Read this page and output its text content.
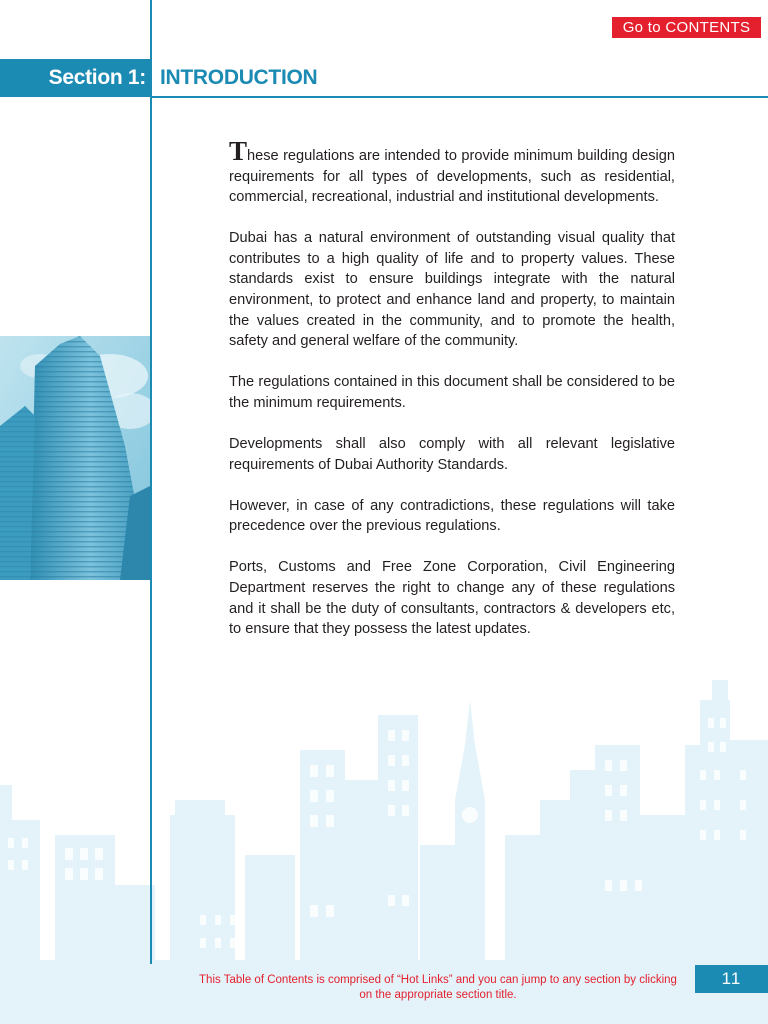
Go to CONTENTS
Section 1: INTRODUCTION

These regulations are intended to provide minimum building design requirements for all types of developments, such as residential, commercial, recreational, industrial and institutional developments.

Dubai has a natural environment of outstanding visual quality that contributes to a high quality of life and to property values. These standards exist to ensure buildings integrate with the natural environment, to protect and enhance land and property, to maintain the values created in the community, and to promote the health, safety and general welfare of the community.

The regulations contained in this document shall be considered to be the minimum requirements.

Developments shall also comply with all relevant legislative requirements of Dubai Authority Standards.

However, in case of any contradictions, these regulations will take precedence over the previous regulations.

Ports, Customs and Free Zone Corporation, Civil Engineering Department reserves the right to change any of these regulations and it shall be the duty of consultants, contractors & developers etc, to ensure that they possess the latest updates.

This Table of Contents is comprised of “Hot Links” and you can jump to any section by clicking on the appropriate section title.
11
